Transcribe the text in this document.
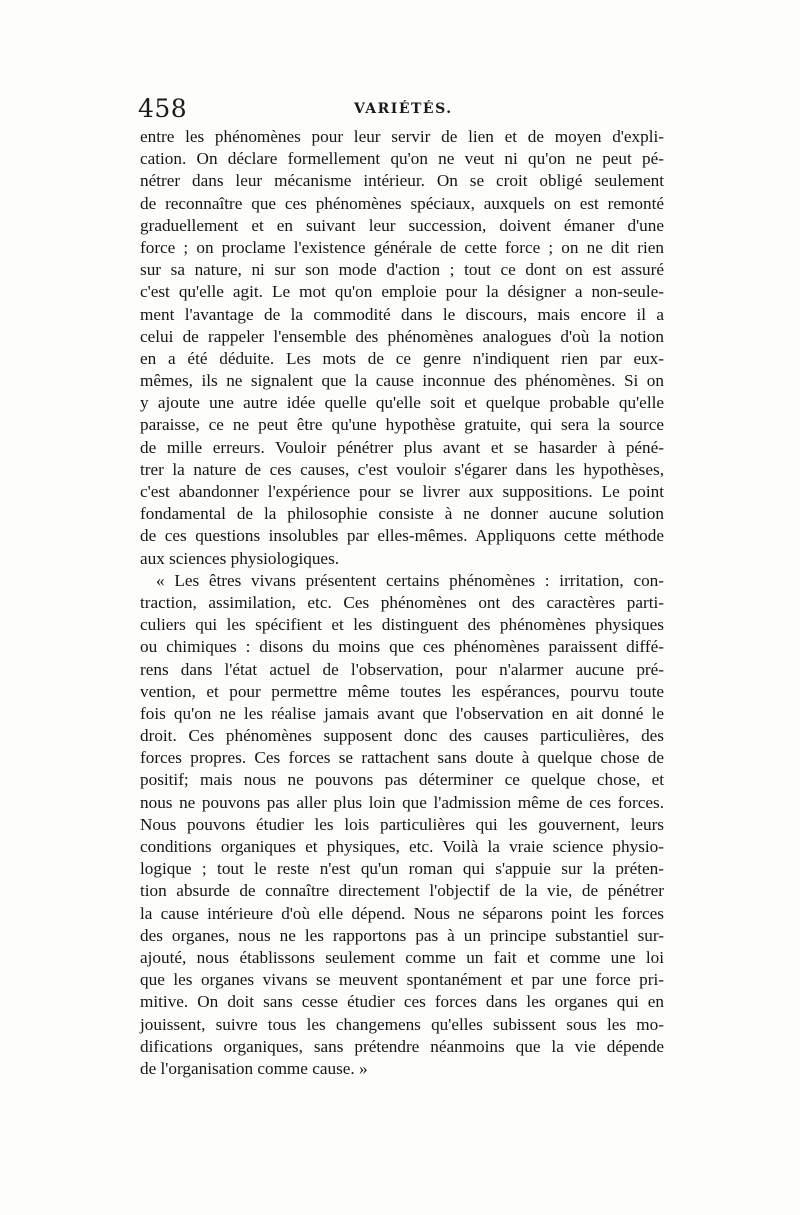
458	VARIÉTÉS.
entre les phénomènes pour leur servir de lien et de moyen d'expli-
cation. On déclare formellement qu'on ne veut ni qu'on ne peut pé-
nétrer dans leur mécanisme intérieur. On se croit obligé seulement
de reconnaître que ces phénomènes spéciaux, auxquels on est remonté
graduellement et en suivant leur succession, doivent émaner d'une
force ; on proclame l'existence générale de cette force ; on ne dit rien
sur sa nature, ni sur son mode d'action ; tout ce dont on est assuré
c'est qu'elle agit. Le mot qu'on emploie pour la désigner a non-seule-
ment l'avantage de la commodité dans le discours, mais encore il a
celui de rappeler l'ensemble des phénomènes analogues d'où la notion
en a été déduite. Les mots de ce genre n'indiquent rien par eux-
mêmes, ils ne signalent que la cause inconnue des phénomènes. Si on
y ajoute une autre idée quelle qu'elle soit et quelque probable qu'elle
paraisse, ce ne peut être qu'une hypothèse gratuite, qui sera la source
de mille erreurs. Vouloir pénétrer plus avant et se hasarder à péné-
trer la nature de ces causes, c'est vouloir s'égarer dans les hypothèses,
c'est abandonner l'expérience pour se livrer aux suppositions. Le point
fondamental de la philosophie consiste à ne donner aucune solution
de ces questions insolubles par elles-mêmes. Appliquons cette méthode
aux sciences physiologiques.
« Les êtres vivans présentent certains phénomènes : irritation, con-
traction, assimilation, etc. Ces phénomènes ont des caractères parti-
culiers qui les spécifient et les distinguent des phénomènes physiques
ou chimiques : disons du moins que ces phénomènes paraissent diffé-
rens dans l'état actuel de l'observation, pour n'alarmer aucune pré-
vention, et pour permettre même toutes les espérances, pourvu toute
fois qu'on ne les réalise jamais avant que l'observation en ait donné le
droit. Ces phénomènes supposent donc des causes particulières, des
forces propres. Ces forces se rattachent sans doute à quelque chose de
positif; mais nous ne pouvons pas déterminer ce quelque chose, et
nous ne pouvons pas aller plus loin que l'admission même de ces forces.
Nous pouvons étudier les lois particulières qui les gouvernent, leurs
conditions organiques et physiques, etc. Voilà la vraie science physio-
logique ; tout le reste n'est qu'un roman qui s'appuie sur la préten-
tion absurde de connaître directement l'objectif de la vie, de pénétrer
la cause intérieure d'où elle dépend. Nous ne séparons point les forces
des organes, nous ne les rapportons pas à un principe substantiel sur-
ajouté, nous établissons seulement comme un fait et comme une loi
que les organes vivans se meuvent spontanément et par une force pri-
mitive. On doit sans cesse étudier ces forces dans les organes qui en
jouissent, suivre tous les changemens qu'elles subissent sous les mo-
difications organiques, sans prétendre néanmoins que la vie dépende
de l'organisation comme cause. »
